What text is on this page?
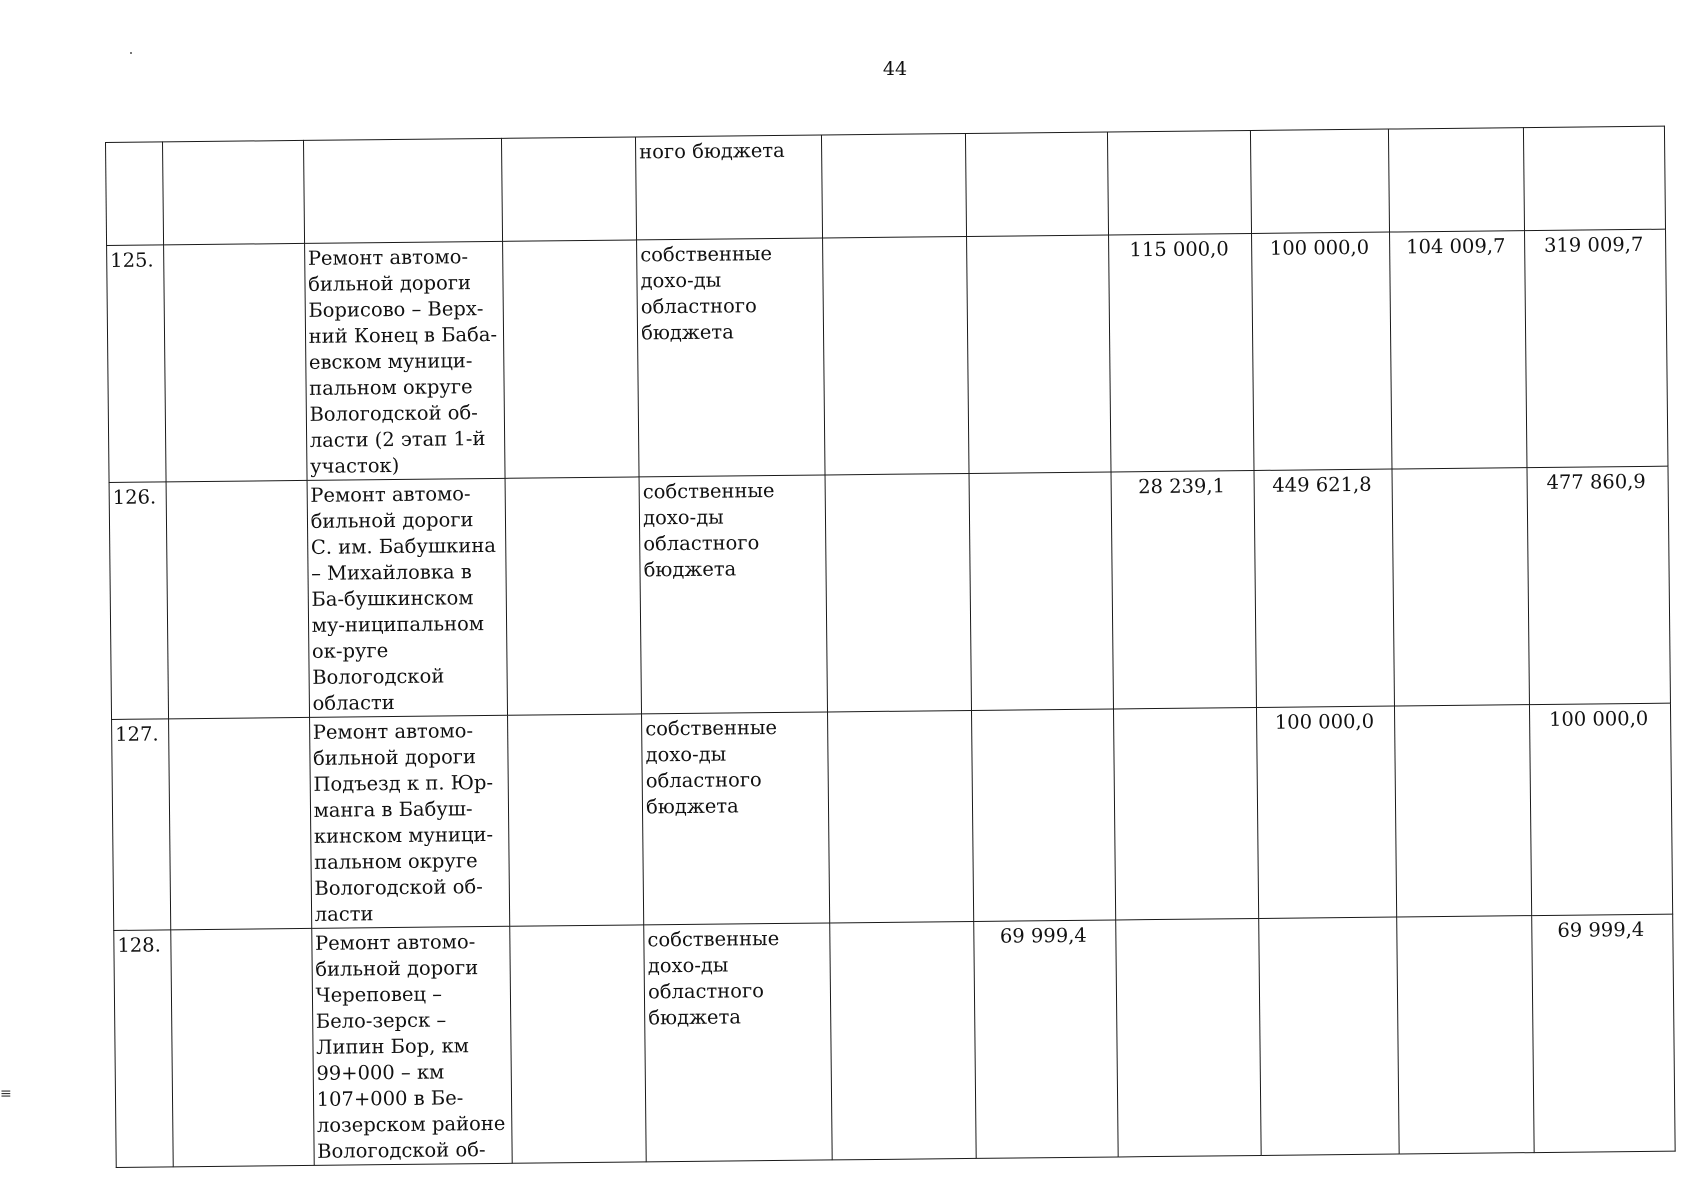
44
				ного бюджета						
125.		Ремонт автомо-бильной дороги Борисово – Верх-ний Конец в Баба-евском муници-пальном округе Вологодской об-ласти (2 этап 1-й участок)		собственные дохо-ды областного бюджета			115 000,0	100 000,0	104 009,7	319 009,7
126.		Ремонт автомо-бильной дороги С. им. Бабушкина – Михайловка в Ба-бушкинском му-ниципальном ок-руге Вологодской области		собственные дохо-ды областного бюджета			28 239,1	449 621,8		477 860,9
127.		Ремонт автомо-бильной дороги Подъезд к п. Юр-манга в Бабуш-кинском муници-пальном округе Вологодской об-ласти		собственные дохо-ды областного бюджета				100 000,0		100 000,0
128.		Ремонт автомо-бильной дороги Череповец – Бело-зерск – Липин Бор, км 99+000 – км 107+000 в Бе-лозерском районе Вологодской об-		собственные дохо-ды областного бюджета		69 999,4				69 999,4
≡
